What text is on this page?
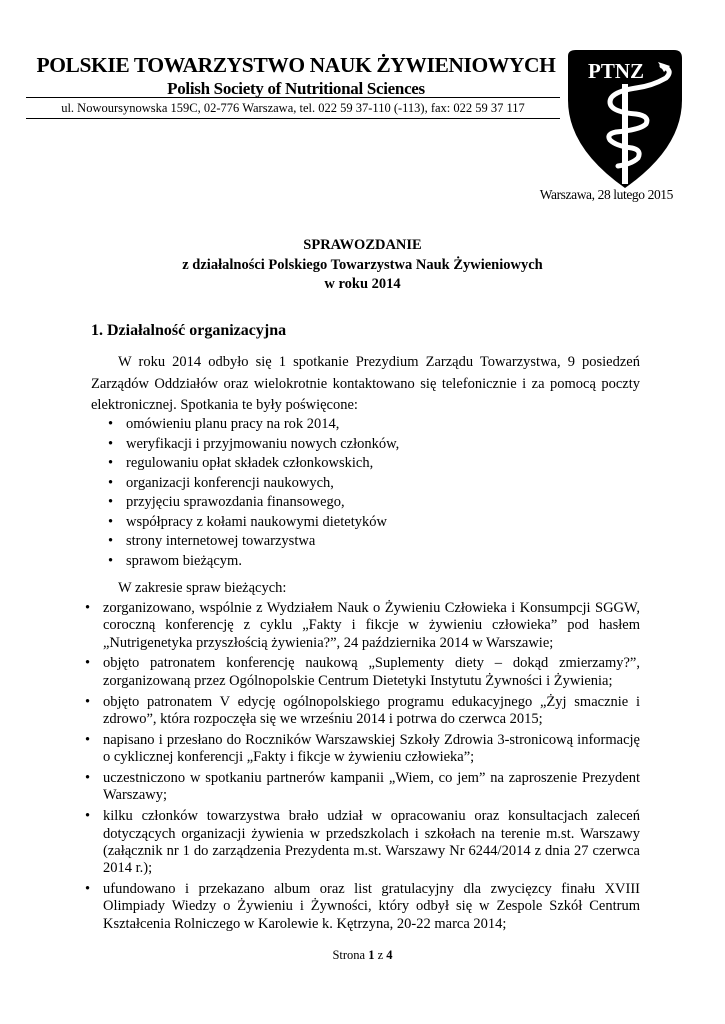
POLSKIE TOWARZYSTWO NAUK ŻYWIENIOWYCH
Polish Society of Nutritional Sciences
ul. Nowoursynowska 159C, 02-776 Warszawa, tel. 022 59 37-110 (-113), fax: 022 59 37 117
PTNZ
Warszawa, 28 lutego 2015
SPRAWOZDANIE
z działalności Polskiego Towarzystwa Nauk Żywieniowych
w roku 2014
1. Działalność organizacyjna

W roku 2014 odbyło się 1 spotkanie Prezydium Zarządu Towarzystwa, 9 posiedzeń Zarządów Oddziałów oraz wielokrotnie kontaktowano się telefonicznie i za pomocą poczty elektronicznej. Spotkania te były poświęcone:

• omówieniu planu pracy na rok 2014,
• weryfikacji i przyjmowaniu nowych członków,
• regulowaniu opłat składek członkowskich,
• organizacji konferencji naukowych,
• przyjęciu sprawozdania finansowego,
• współpracy z kołami naukowymi dietetyków
• strony internetowej towarzystwa
• sprawom bieżącym.
W zakresie spraw bieżących:
• zorganizowano, wspólnie z Wydziałem Nauk o Żywieniu Człowieka i Konsumpcji SGGW, coroczną konferencję z cyklu „Fakty i fikcje w żywieniu człowieka” pod hasłem „Nutrigenetyka przyszłością żywienia?”, 24 października 2014 w Warszawie;
• objęto patronatem konferencję naukową „Suplementy diety – dokąd zmierzamy?”, zorganizowaną przez Ogólnopolskie Centrum Dietetyki Instytutu Żywności i Żywienia;
• objęto patronatem V edycję ogólnopolskiego programu edukacyjnego „Żyj smacznie i zdrowo”, która rozpoczęła się we wrześniu 2014 i potrwa do czerwca 2015;
• napisano i przesłano do Roczników Warszawskiej Szkoły Zdrowia 3-stronicową informację o cyklicznej konferencji „Fakty i fikcje w żywieniu człowieka”;
• uczestniczono w spotkaniu partnerów kampanii „Wiem, co jem” na zaproszenie Prezydent Warszawy;
• kilku członków towarzystwa brało udział w opracowaniu oraz konsultacjach zaleceń dotyczących organizacji żywienia w przedszkolach i szkołach na terenie m.st. Warszawy (załącznik nr 1 do zarządzenia Prezydenta m.st. Warszawy Nr 6244/2014 z dnia 27 czerwca 2014 r.);
• ufundowano i przekazano album oraz list gratulacyjny dla zwycięzcy finału XVIII Olimpiady Wiedzy o Żywieniu i Żywności, który odbył się w Zespole Szkół Centrum Kształcenia Rolniczego w Karolewie k. Kętrzyna, 20-22 marca 2014;
Strona 1 z 4
